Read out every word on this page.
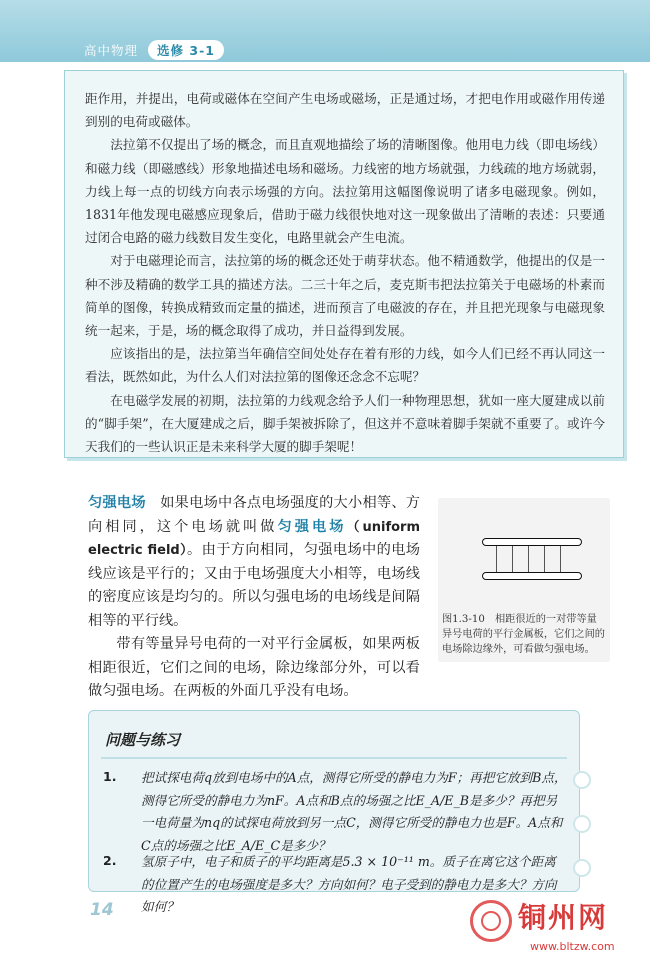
高中物理 选修 3-1

距作用，并提出，电荷或磁体在空间产生电场或磁场，正是通过场，才把电作用或磁作用传递到别的电荷或磁体。

法拉第不仅提出了场的概念，而且直观地描绘了场的清晰图像。他用电力线（即电场线）和磁力线（即磁感线）形象地描述电场和磁场。力线密的地方场就强，力线疏的地方场就弱，力线上每一点的切线方向表示场强的方向。法拉第用这幅图像说明了诸多电磁现象。例如，1831年他发现电磁感应现象后，借助于磁力线很快地对这一现象做出了清晰的表述：只要通过闭合电路的磁力线数目发生变化，电路里就会产生电流。

对于电磁理论而言，法拉第的场的概念还处于萌芽状态。他不精通数学，他提出的仅是一种不涉及精确的数学工具的描述方法。二三十年之后，麦克斯韦把法拉第关于电磁场的朴素而简单的图像，转换成精致而定量的描述，进而预言了电磁波的存在，并且把光现象与电磁现象统一起来，于是，场的概念取得了成功，并日益得到发展。

应该指出的是，法拉第当年确信空间处处存在着有形的力线，如今人们已经不再认同这一看法，既然如此，为什么人们对法拉第的图像还念念不忘呢？

在电磁学发展的初期，法拉第的力线观念给予人们一种物理思想，犹如一座大厦建成以前的“脚手架”，在大厦建成之后，脚手架被拆除了，但这并不意味着脚手架就不重要了。或许今天我们的一些认识正是未来科学大厦的脚手架呢！

匀强电场　 如果电场中各点电场强度的大小相等、方向相同，这个电场就叫做匀强电场（uniform electric field）。由于方向相同，匀强电场中的电场线应该是平行的；又由于电场强度大小相等，电场线的密度应该是均匀的。所以匀强电场的电场线是间隔相等的平行线。

带有等量异号电荷的一对平行金属板，如果两板相距很近，它们之间的电场，除边缘部分外，可以看做匀强电场。在两板的外面几乎没有电场。

图1.3-10　相距很近的一对带等量异号电荷的平行金属板，它们之间的电场除边缘外，可看做匀强电场。
问题与练习
1. 把试探电荷q放到电场中的A点，测得它所受的静电力为F；再把它放到B点，测得它所受的静电力为nF。A点和B点的场强之比E_A/E_B是多少？再把另一电荷量为nq的试探电荷放到另一点C，测得它所受的静电力也是F。A点和C点的场强之比E_A/E_C是多少？
2. 氢原子中，电子和质子的平均距离是5.3 × 10⁻¹¹ m。质子在离它这个距离的位置产生的电场强度是多大？方向如何？电子受到的静电力是多大？方向如何？
14	铜州网
www.bltzw.com
